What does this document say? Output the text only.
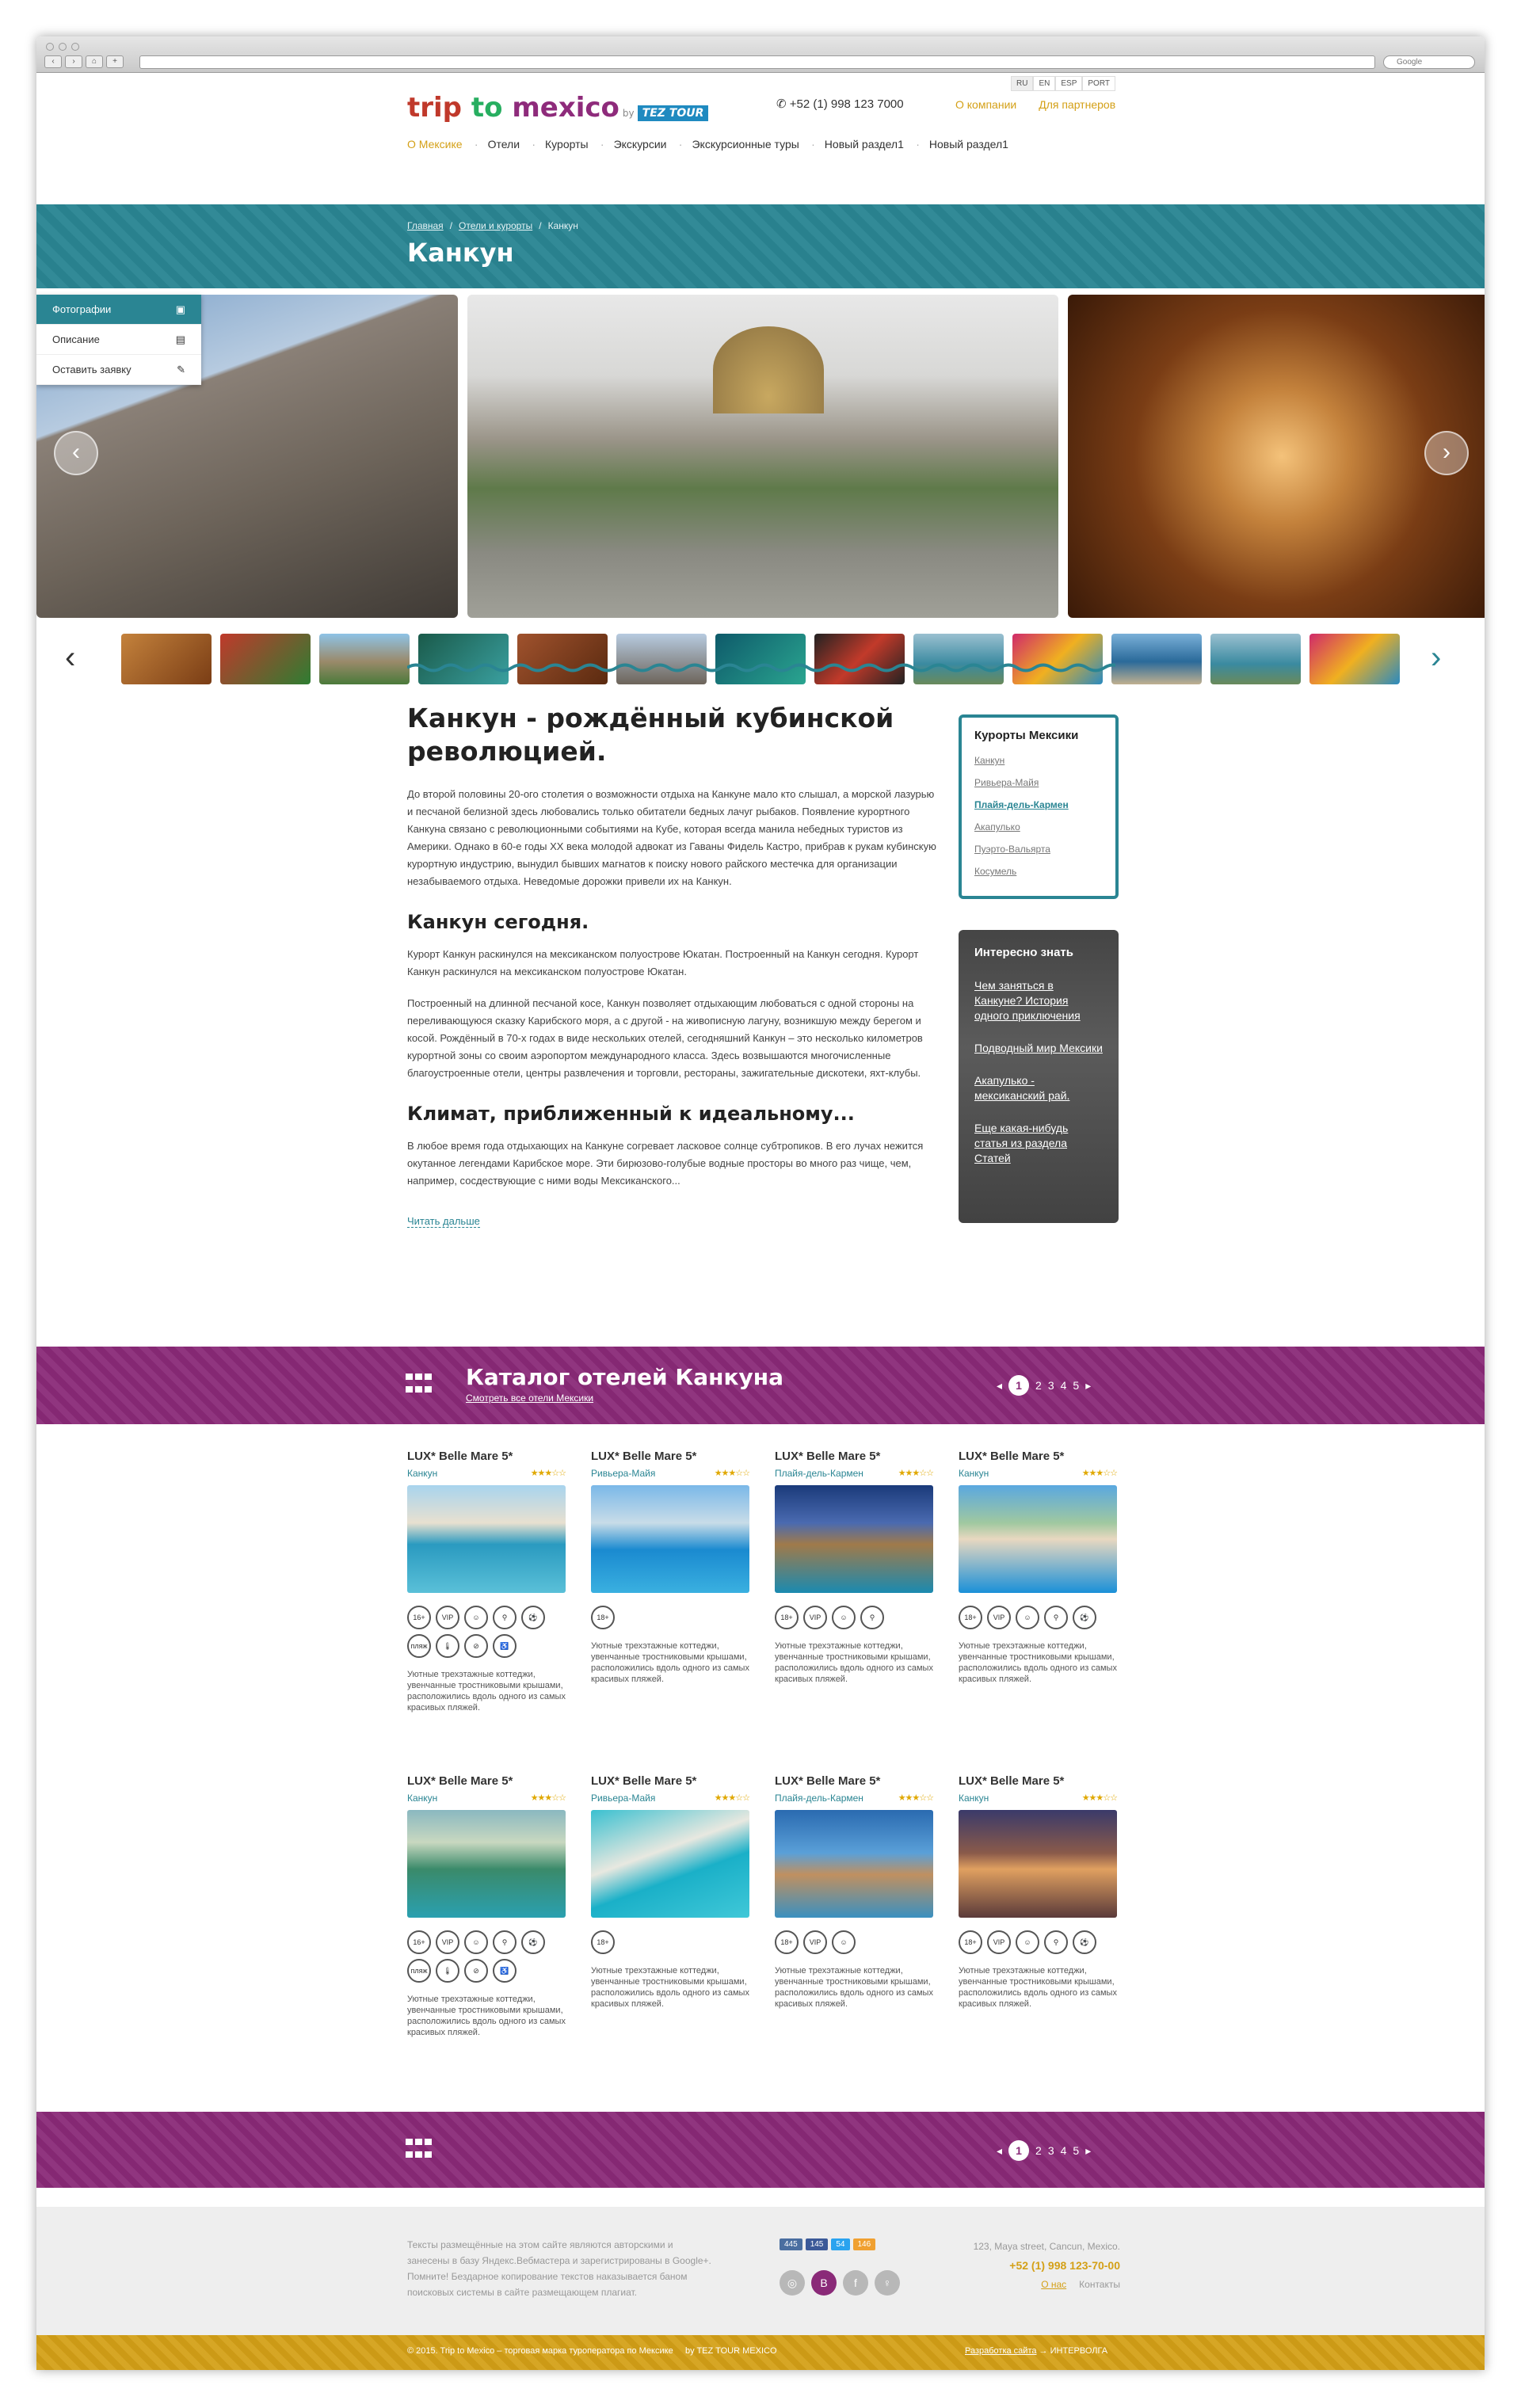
‹	›	⌂	+	Google
RU	EN	ESP	PORT
trip
to
mexico by TEZ TOUR
✆ +52 (1) 998 123 7000	О компании Для партнеров
О Мексике ·	Отели ·	Курорты ·	Экскурсии ·	Экскурсионные туры ·	Новый раздел1 ·	Новый раздел1
Главная / Отели и курорты / Канкун
Канкун
Фотографии	▣
Описание	▤
Оставить заявку	✎
‹	›
‹	›
Канкун - рождённый кубинской революцией.

До второй половины 20-ого столетия о возможности отдыха на Канкуне мало кто слышал, а морской лазурью и песчаной белизной здесь любовались только обитатели бедных лачуг рыбаков. Появление курортного Канкуна связано с революционными событиями на Кубе, которая всегда манила небедных туристов из Америки. Однако в 60-е годы XX века молодой адвокат из Гаваны Фидель Кастро, прибрав к рукам кубинскую курортную индустрию, вынудил бывших магнатов к поиску нового райского местечка для организации незабываемого отдыха. Неведомые дорожки привели их на Канкун.

Канкун сегодня.

Курорт Канкун раскинулся на мексиканском полуострове Юкатан. Построенный на Канкун сегодня. Курорт Канкун раскинулся на мексиканском полуострове Юкатан.

Построенный на длинной песчаной косе, Канкун позволяет отдыхающим любоваться с одной стороны на переливающуюся сказку Карибского моря, а с другой - на живописную лагуну, возникшую между берегом и косой. Рождённый в 70-х годах в виде нескольких отелей, сегодняшний Канкун – это несколько километров курортной зоны со своим аэропортом международного класса. Здесь возвышаются многочисленные благоустроенные отели, центры развлечения и торговли, рестораны, зажигательные дискотеки, яхт-клубы.

Климат, приближенный к идеальному...

В любое время года отдыхающих на Канкуне согревает ласковое солнце субтропиков. В его лучах нежится окутанное легендами Карибское море. Эти бирюзово-голубые водные просторы во много раз чище, чем, например, сосдествующие с ними воды Мексиканского...

Читать дальше
Курорты Мексики
Канкун
Ривьера-Майя
Плайя-дель-Кармен
Акапулько
Пуэрто-Вальярта
Косумель
Интересно знать
Чем заняться в Канкуне? История одного приключения
Подводный мир Мексики
Акапулько - мексиканский рай.
Еще какая-нибудь статья из раздела Статей
Каталог отелей Канкуна
Смотреть все отели Мексики
◂	1	2 3 4 5 ▸
LUX* Belle Mare 5*
Канкун	★★★☆☆
16+	VIP	☺	⚲	⚽
пляж	🌡	⊘	♿

Уютные трехэтажные коттеджи, увенчанные тростниковыми крышами, расположились вдоль одного из самых красивых пляжей.

LUX* Belle Mare 5*
Ривьера-Майя	★★★☆☆
18+

Уютные трехэтажные коттеджи, увенчанные тростниковыми крышами, расположились вдоль одного из самых красивых пляжей.

LUX* Belle Mare 5*
Плайя-дель-Кармен	★★★☆☆
18+	VIP	☺	⚲

Уютные трехэтажные коттеджи, увенчанные тростниковыми крышами, расположились вдоль одного из самых красивых пляжей.

LUX* Belle Mare 5*
Канкун	★★★☆☆
18+	VIP	☺	⚲	⚽

Уютные трехэтажные коттеджи, увенчанные тростниковыми крышами, расположились вдоль одного из самых красивых пляжей.

LUX* Belle Mare 5*
Канкун	★★★☆☆
16+	VIP	☺	⚲	⚽
пляж	🌡	⊘	♿

Уютные трехэтажные коттеджи, увенчанные тростниковыми крышами, расположились вдоль одного из самых красивых пляжей.

LUX* Belle Mare 5*
Ривьера-Майя	★★★☆☆
18+

Уютные трехэтажные коттеджи, увенчанные тростниковыми крышами, расположились вдоль одного из самых красивых пляжей.

LUX* Belle Mare 5*
Плайя-дель-Кармен	★★★☆☆
18+	VIP	☺

Уютные трехэтажные коттеджи, увенчанные тростниковыми крышами, расположились вдоль одного из самых красивых пляжей.

LUX* Belle Mare 5*
Канкун	★★★☆☆
18+	VIP	☺	⚲	⚽

Уютные трехэтажные коттеджи, увенчанные тростниковыми крышами, расположились вдоль одного из самых красивых пляжей.

◂	1	2 3 4 5 ▸
Тексты размещённые на этом сайте являются авторскими и занесены в базу Яндекс.Вебмастера и зарегистрированы в Google+. Помните! Бездарное копирование текстов наказывается баном поисковых системы в сайте размещающем плагиат.
445	145	54	146
◎	В	f	♀
123, Maya street, Cancun, Mexico.
+52 (1) 998 123-70-00
О нас Контакты
© 2015. Trip to Mexico – торговая марка туроператора по Мексике by TEZ TOUR MEXICO	Разработка сайта → ИНТЕРВОЛГА
